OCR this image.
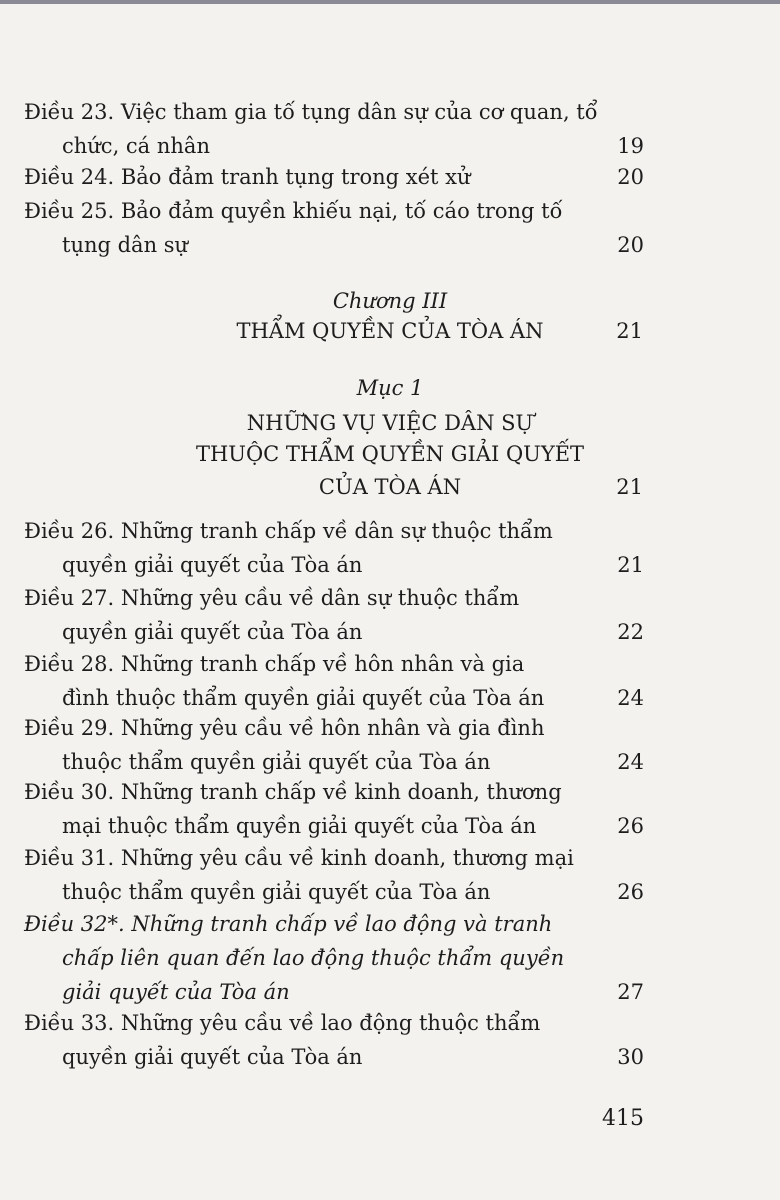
Điều 23. Việc tham gia tố tụng dân sự của cơ quan, tổ
chức, cá nhân	19
Điều 24. Bảo đảm tranh tụng trong xét xử	20
Điều 25. Bảo đảm quyền khiếu nại, tố cáo trong tố
tụng dân sự	20
Chương III
THẨM QUYỀN CỦA TÒA ÁN	21
Mục 1
NHỮNG VỤ VIỆC DÂN SỰ
THUỘC THẨM QUYỀN GIẢI QUYẾT
CỦA TÒA ÁN	21
Điều 26. Những tranh chấp về dân sự thuộc thẩm
quyền giải quyết của Tòa án	21
Điều 27. Những yêu cầu về dân sự thuộc thẩm
quyền giải quyết của Tòa án	22
Điều 28. Những tranh chấp về hôn nhân và gia
đình thuộc thẩm quyền giải quyết của Tòa án	24
Điều 29. Những yêu cầu về hôn nhân và gia đình
thuộc thẩm quyền giải quyết của Tòa án	24
Điều 30. Những tranh chấp về kinh doanh, thương
mại thuộc thẩm quyền giải quyết của Tòa án	26
Điều 31. Những yêu cầu về kinh doanh, thương mại
thuộc thẩm quyền giải quyết của Tòa án	26
Điều 32*. Những tranh chấp về lao động và tranh
chấp liên quan đến lao động thuộc thẩm quyền
giải quyết của Tòa án	27
Điều 33. Những yêu cầu về lao động thuộc thẩm
quyền giải quyết của Tòa án	30
415
